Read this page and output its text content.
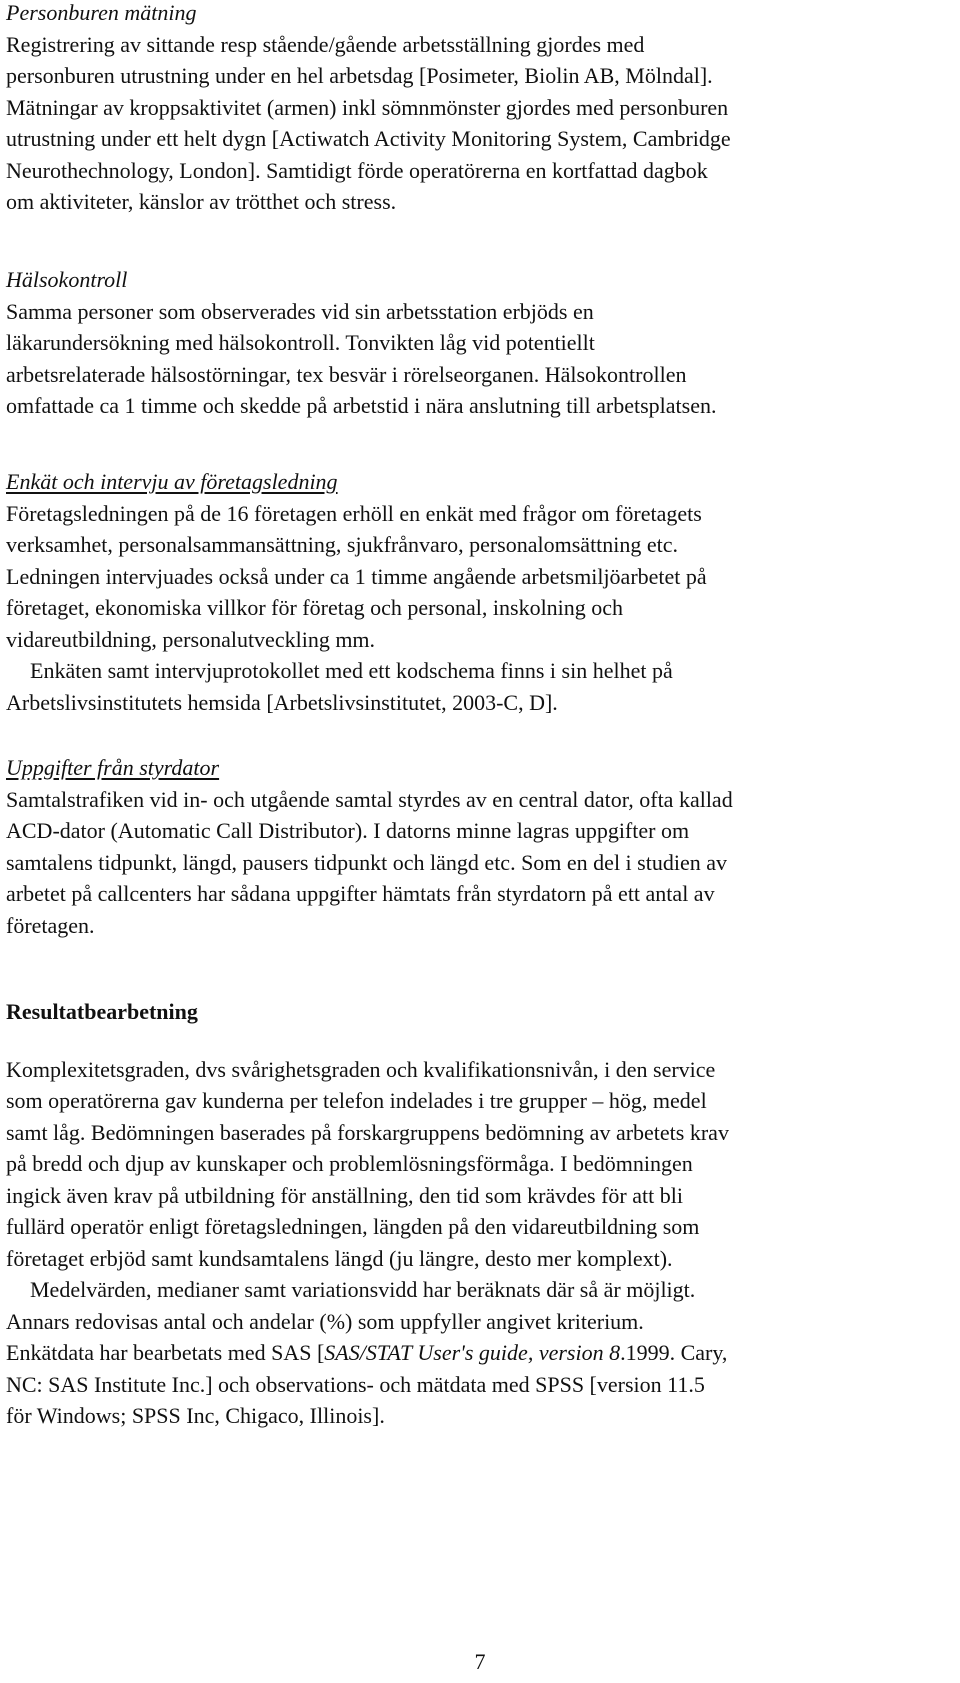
Personburen mätning
Registrering av sittande resp stående/gående arbetsställning gjordes med
personburen utrustning under en hel arbetsdag [Posimeter, Biolin AB, Mölndal].
Mätningar av kroppsaktivitet (armen) inkl sömnmönster gjordes med personburen
utrustning under ett helt dygn [Actiwatch Activity Monitoring System, Cambridge
Neurothechnology, London]. Samtidigt förde operatörerna en kortfattad dagbok
om aktiviteter, känslor av trötthet och stress.
Hälsokontroll
Samma personer som observerades vid sin arbetsstation erbjöds en
läkarundersökning med hälsokontroll. Tonvikten låg vid potentiellt
arbetsrelaterade hälsostörningar, tex besvär i rörelseorganen. Hälsokontrollen
omfattade ca 1 timme och skedde på arbetstid i nära anslutning till arbetsplatsen.
Enkät och intervju av företagsledning
Företagsledningen på de 16 företagen erhöll en enkät med frågor om företagets
verksamhet, personalsammansättning, sjukfrånvaro, personalomsättning etc.
Ledningen intervjuades också under ca 1 timme angående arbetsmiljöarbetet på
företaget, ekonomiska villkor för företag och personal, inskolning och
vidareutbildning, personalutveckling mm.
Enkäten samt intervjuprotokollet med ett kodschema finns i sin helhet på
Arbetslivsinstitutets hemsida [Arbetslivsinstitutet, 2003-C, D].
Uppgifter från styrdator
Samtalstrafiken vid in- och utgående samtal styrdes av en central dator, ofta kallad
ACD-dator (Automatic Call Distributor). I datorns minne lagras uppgifter om
samtalens tidpunkt, längd, pausers tidpunkt och längd etc. Som en del i studien av
arbetet på callcenters har sådana uppgifter hämtats från styrdatorn på ett antal av
företagen.
Resultatbearbetning
Komplexitetsgraden, dvs svårighetsgraden och kvalifikationsnivån, i den service
som operatörerna gav kunderna per telefon indelades i tre grupper – hög, medel
samt låg. Bedömningen baserades på forskargruppens bedömning av arbetets krav
på bredd och djup av kunskaper och problemlösningsförmåga. I bedömningen
ingick även krav på utbildning för anställning, den tid som krävdes för att bli
fullärd operatör enligt företagsledningen, längden på den vidareutbildning som
företaget erbjöd samt kundsamtalens längd (ju längre, desto mer komplext).
Medelvärden, medianer samt variationsvidd har beräknats där så är möjligt.
Annars redovisas antal och andelar (%) som uppfyller angivet kriterium.
Enkätdata har bearbetats med SAS [SAS/STAT User's guide, version 8.1999. Cary,
NC: SAS Institute Inc.] och observations- och mätdata med SPSS [version 11.5
för Windows; SPSS Inc, Chigaco, Illinois].
7
